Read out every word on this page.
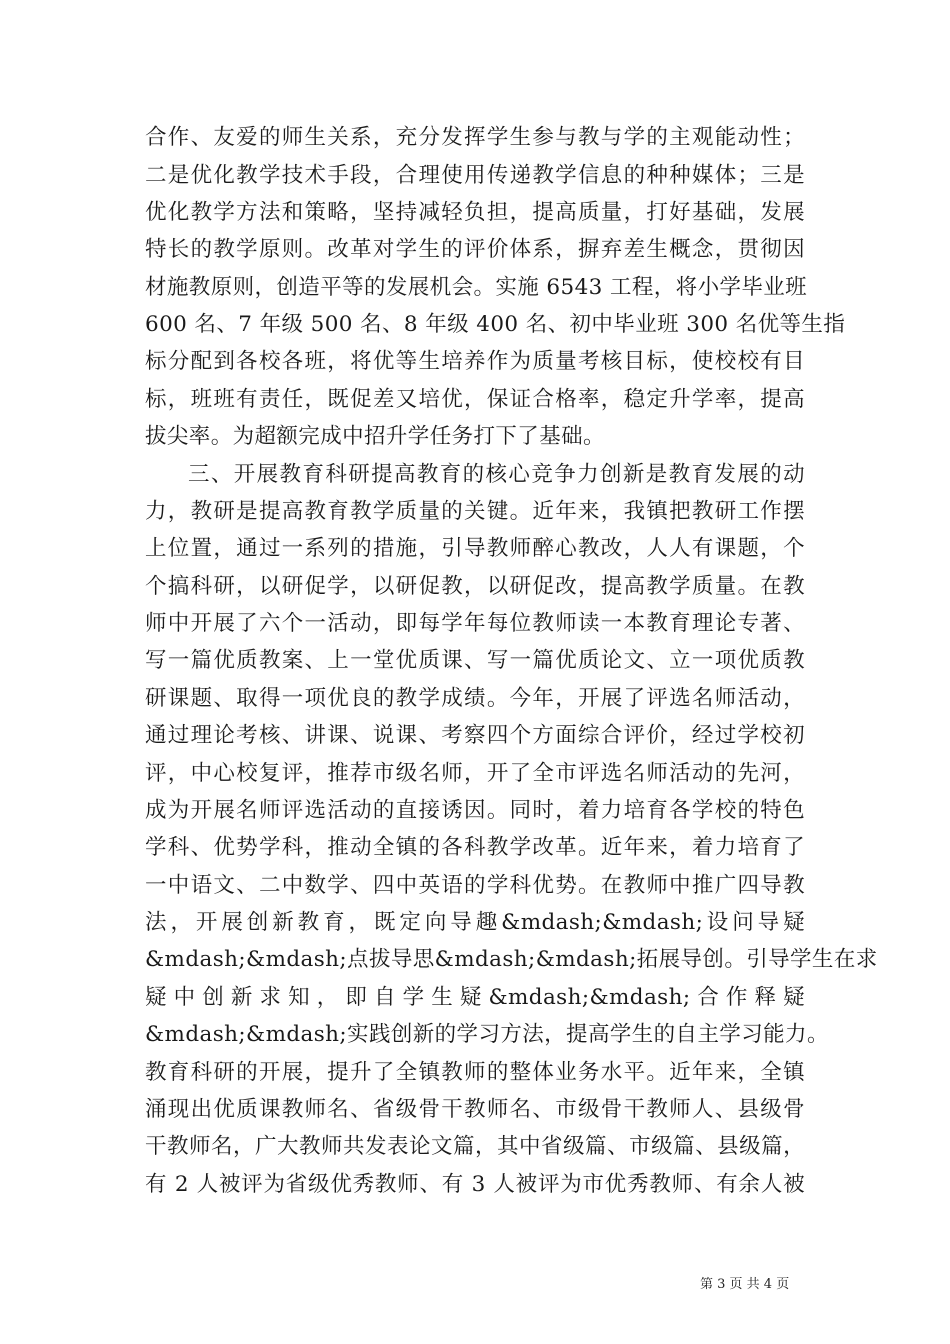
合作、友爱的师生关系，充分发挥学生参与教与学的主观能动性；
二是优化教学技术手段，合理使用传递教学信息的种种媒体；三是
优化教学方法和策略，坚持减轻负担，提高质量，打好基础，发展
特长的教学原则。改革对学生的评价体系，摒弃差生概念，贯彻因
材施教原则，创造平等的发展机会。实施 6543 工程，将小学毕业班
600 名、7 年级 500 名、8 年级 400 名、初中毕业班 300 名优等生指
标分配到各校各班，将优等生培养作为质量考核目标，使校校有目
标，班班有责任，既促差又培优，保证合格率，稳定升学率，提高
拔尖率。为超额完成中招升学任务打下了基础。
三、开展教育科研提高教育的核心竞争力创新是教育发展的动
力，教研是提高教育教学质量的关键。近年来，我镇把教研工作摆
上位置，通过一系列的措施，引导教师醉心教改，人人有课题，个
个搞科研，以研促学，以研促教，以研促改，提高教学质量。在教
师中开展了六个一活动，即每学年每位教师读一本教育理论专著、
写一篇优质教案、上一堂优质课、写一篇优质论文、立一项优质教
研课题、取得一项优良的教学成绩。今年，开展了评选名师活动，
通过理论考核、讲课、说课、考察四个方面综合评价，经过学校初
评，中心校复评，推荐市级名师，开了全市评选名师活动的先河，
成为开展名师评选活动的直接诱因。同时，着力培育各学校的特色
学科、优势学科，推动全镇的各科教学改革。近年来，着力培育了
一中语文、二中数学、四中英语的学科优势。在教师中推广四导教
法，开展创新教育，既定向导趣&mdash;&mdash;设问导疑
&mdash;&mdash;点拔导思&mdash;&mdash;拓展导创。引导学生在求
疑中创新求知，即自学生疑&mdash;&mdash;合作释疑
&mdash;&mdash;实践创新的学习方法，提高学生的自主学习能力。
教育科研的开展，提升了全镇教师的整体业务水平。近年来，全镇
涌现出优质课教师名、省级骨干教师名、市级骨干教师人、县级骨
干教师名，广大教师共发表论文篇，其中省级篇、市级篇、县级篇，
有 2 人被评为省级优秀教师、有 3 人被评为市优秀教师、有余人被
第 3 页 共 4 页
